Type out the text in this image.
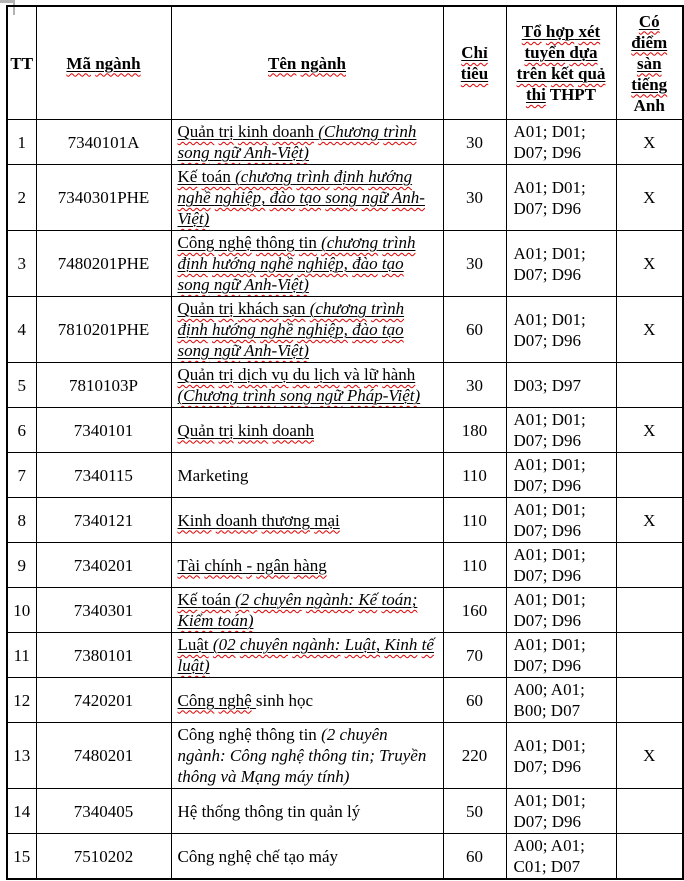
TT	Mã ngành	Tên ngành	Chỉ tiêu	Tổ hợp xét tuyển dựa trên kết quả thi THPT	Có điểm sàn tiếng Anh
1	7340101A	Quản trị kinh doanh (Chương trình song ngữ Anh-Việt)	30	A01; D01; D07; D96	X
2	7340301PHE	Kế toán (chương trình định hướng nghề nghiệp, đào tạo song ngữ Anh-Việt)	30	A01; D01; D07; D96	X
3	7480201PHE	Công nghệ thông tin (chương trình định hướng nghề nghiệp, đào tạo song ngữ Anh-Việt)	30	A01; D01; D07; D96	X
4	7810201PHE	Quản trị khách sạn (chương trình định hướng nghề nghiệp, đào tạo song ngữ Anh-Việt)	60	A01; D01; D07; D96	X
5	7810103P	Quản trị dịch vụ du lịch và lữ hành (Chương trình song ngữ Pháp-Việt)	30	D03; D97	
6	7340101	Quản trị kinh doanh	180	A01; D01; D07; D96	X
7	7340115	Marketing	110	A01; D01; D07; D96	
8	7340121	Kinh doanh thương mại	110	A01; D01; D07; D96	X
9	7340201	Tài chính - ngân hàng	110	A01; D01; D07; D96	
10	7340301	Kế toán (2 chuyên ngành: Kế toán; Kiểm toán)	160	A01; D01; D07; D96	
11	7380101	Luật (02 chuyên ngành: Luật, Kinh tế luật)	70	A01; D01; D07; D96	
12	7420201	Công nghệ sinh học	60	A00; A01; B00; D07	
13	7480201	Công nghệ thông tin (2 chuyên ngành: Công nghệ thông tin; Truyền thông và Mạng máy tính)	220	A01; D01; D07; D96	X
14	7340405	Hệ thống thông tin quản lý	50	A01; D01; D07; D96	
15	7510202	Công nghệ chế tạo máy	60	A00; A01; C01; D07	
